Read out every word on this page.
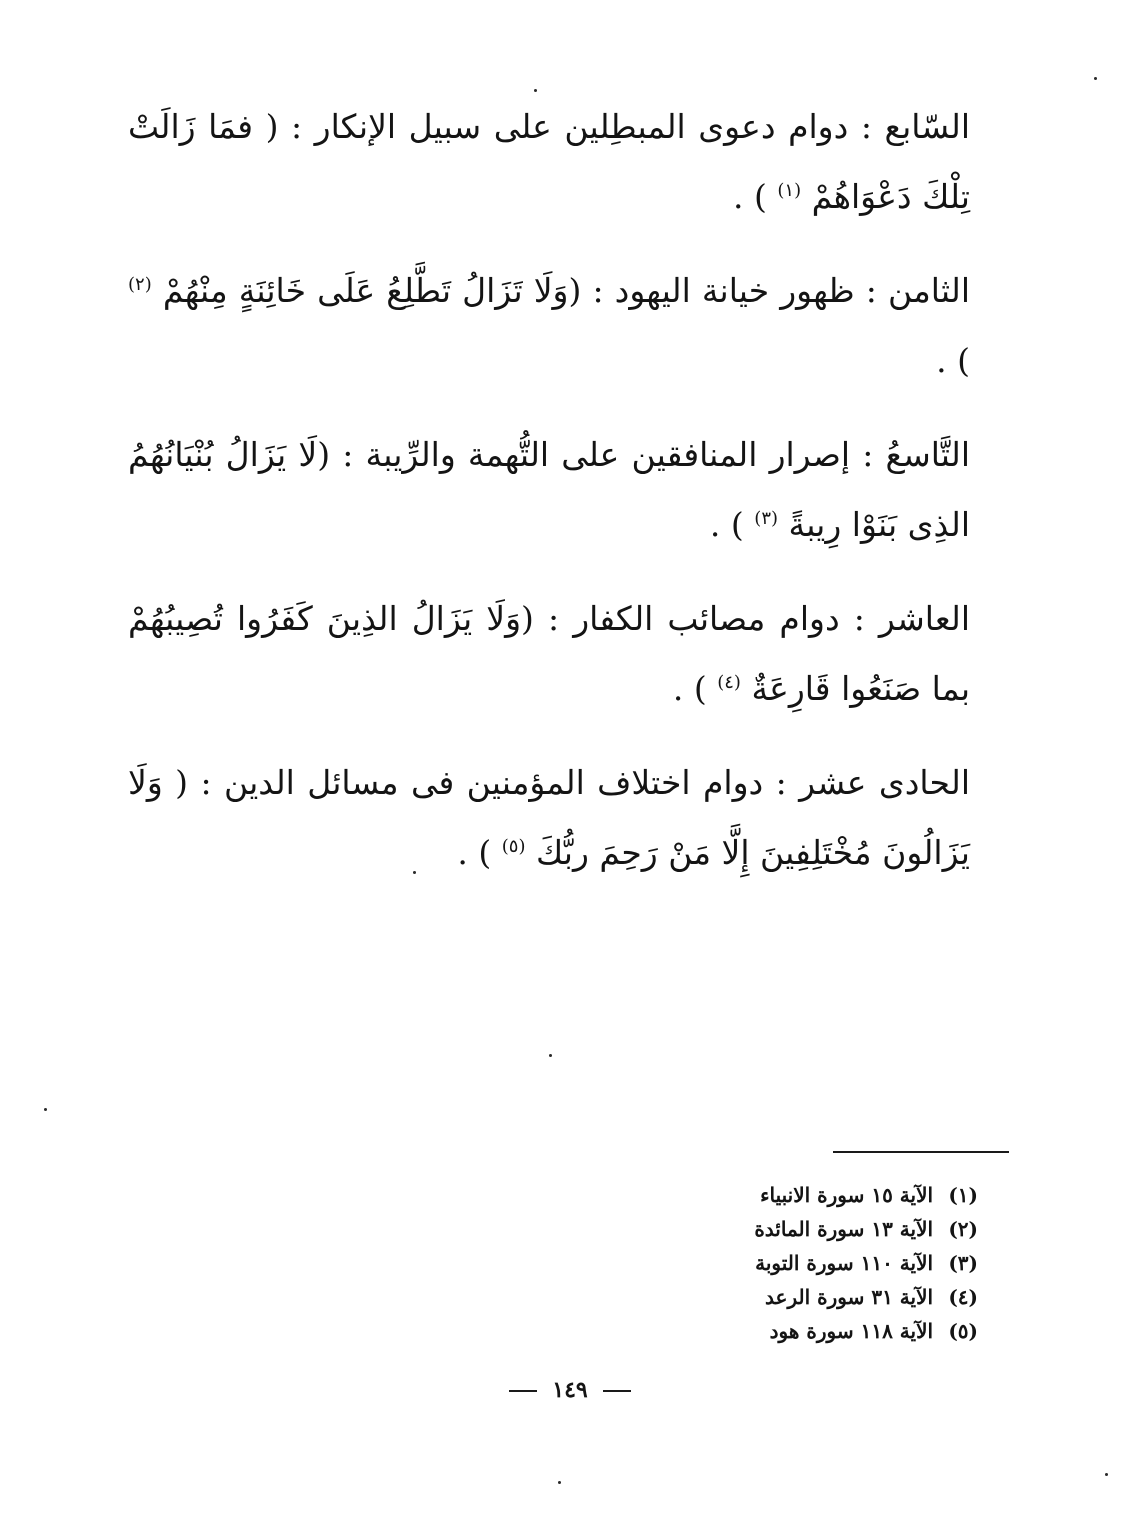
السّابع : دوام دعوى المبطِلين على سبيل الإنكار : ( فمَا زَالَتْ تِلْكَ دَعْوَاهُمْ $^{(١)}$ ) .

الثامن : ظهور خيانة اليهود : (وَلَا تَزَالُ تَطَّلِعُ عَلَى خَائِنَةٍ مِنْهُمْ $^{(٢)}$ ) .

التَّاسعُ : إصرار المنافقين على التُّهمة والرِّيبة : (لَا يَزَالُ بُنْيَانُهُمُ الذِى بَنَوْا رِيبةً $^{(٣)}$ ) .

العاشر : دوام مصائب الكفار : (وَلَا يَزَالُ الذِينَ كَفَرُوا تُصِيبُهُمْ بما صَنَعُوا قَارِعَةٌ $^{(٤)}$ ) .

الحادى عشر : دوام اختلاف المؤمنين فى مسائل الدين : ( وَلَا يَزَالُونَ مُخْتَلِفِينَ إِلَّا مَنْ رَحِمَ ربُّكَ $^{(٥)}$ ) .

(١) الآية ١٥ سورة الانبياء
(٢) الآية ١٣ سورة المائدة
(٣) الآية ١١٠ سورة التوبة
(٤) الآية ٣١ سورة الرعد
(٥) الآية ١١٨ سورة هود
١٤٩
